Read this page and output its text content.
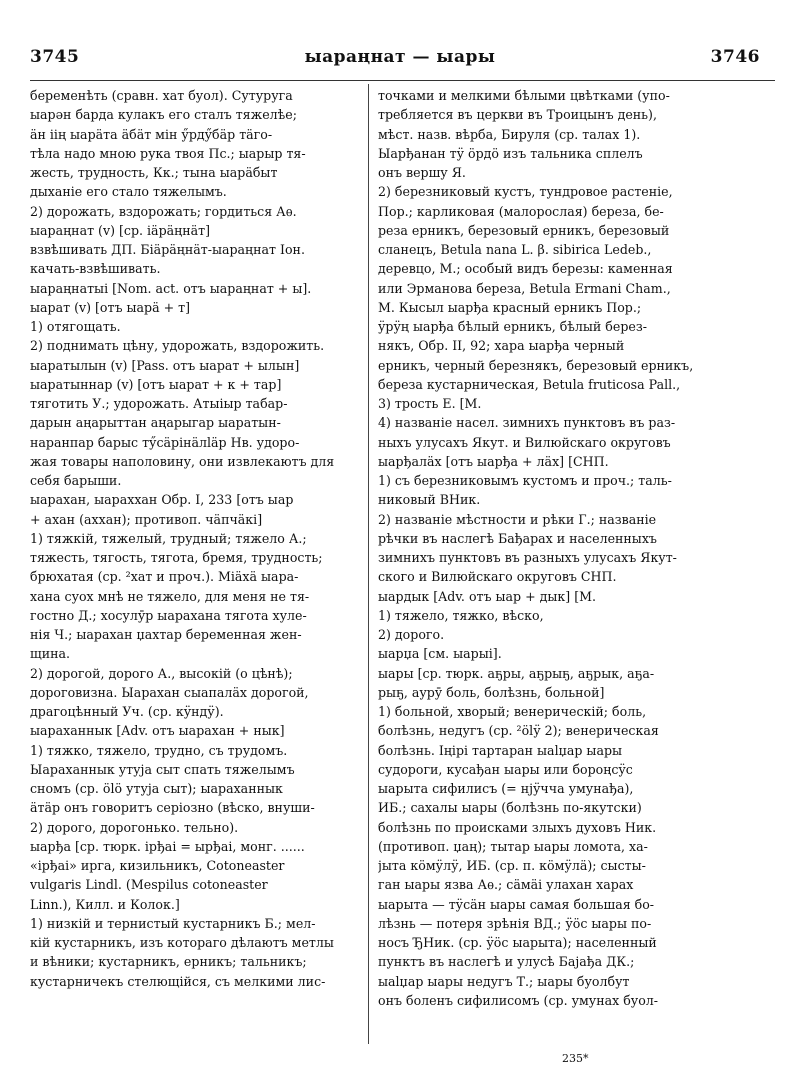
3745	ыараңнат — ыары	3746
беременѣть (сравн. хат буол). Сутуруга
ыарән барда кулакъ его сталъ тяжелѣе;
äн іiң ыарäта äбäт мiн ӳрдӳбäр тäго-
тѣла надо мною рука твоя Пс.; ыарыр тя-
жесть, трудность, Кк.; тына ыарäбыт
дыханіе его стало тяжелымъ.
2) дорожать, вздорожать; гордиться Аѳ.
ыараңнат (v) [ср. іäрäңнäт]
взвѣшивать ДП. Бiäрäңнäт-ыараңнат Іон.
качать-взвѣшивать.
ыараңнатыі [Nom. act. отъ ыараңнат + ы].
ыарат (v) [отъ ыарä + т]
1) отягощать.
2) поднимать цѣну, удорожать, вздорожить.
ыаратылын (v) [Pass. отъ ыарат + ылын]
ыаратыннар (v) [отъ ыарат + к + тар]
тяготить У.; удорожать. Атыiыр табар-
дарын аңарыттан аңарыгар ыаратын-
наранпар барыс тӳсäрiнäлläр Нв. удоро-
жая товары наполовину, они извлекаютъ для
себя барыши.
ыарахан, ыараххан Обр. I, 233 [отъ ыар
+ ахан (аххан); противоп. чäпчäкi]
1) тяжкій, тяжелый, трудный; тяжело А.;
тяжесть, тягость, тягота, бремя, трудность;
брюхатая (ср. ²хат и проч.). Мiäхä ыара-
хана суох мнѣ не тяжело, для меня не тя-
гостно Д.; хосулӯр ыарахана тягота хуле-
нія Ч.; ыарахан џахтар беременная жен-
щина.
2) дорогой, дорого А., высокій (о цѣнѣ);
дороговизна. Ыарахан сыапалäх дорогой,
драгоцѣнный Уч. (ср. кӱндӱ).
ыараханнык [Adv. отъ ыарахан + нык]
1) тяжко, тяжело, трудно, съ трудомъ.
Ыараханнык утуја сыт спать тяжелымъ
сномъ (ср. ölö утуја сыт); ыараханнык
äтäр онъ говоритъ серіозно (вѣско, внуши-
2) дорого, дорогонько. тельно).
ыарђа [ср. тюрк. iрђаi = ырђаi, монг. ......
«iрђаi» ирга, кизильникъ, Cotoneaster
vulgaris Lindl. (Mespilus cotoneaster
Linn.), Килл. и Колок.]
1) низкій и тернистый кустарникъ Б.; мел-
кій кустарникъ, изъ котораго дѣлаютъ метлы
и вѣники; кустарникъ, ерникъ; тальникъ;
кустарничекъ стелющійся, съ мелкими лис-
точками и мелкими бѣлыми цвѣтками (упо-
требляется въ церкви въ Троицынъ день),
мѣст. назв. вѣрба, Бируля (ср. талах 1).
Ыарђанан тӱ öрдö изъ тальника сплелъ
онъ вершу Я.
2) березниковый кустъ, тундровое растеніе,
Пор.; карликовая (малорослая) береза, бе-
реза ерникъ, березовый ерникъ, березовый
сланецъ, Betula nana L. β. sibirica Ledeb.,
деревцо, М.; особый видъ березы: каменная
или Эрманова береза, Betula Ermani Cham.,
М. Кысыл ыарђа красный ерникъ Пор.;
ӱрӱң ыарђа бѣлый ерникъ, бѣлый берез-
някъ, Обр. II, 92; хара ыарђа черный
ерникъ, черный березнякъ, березовый ерникъ,
береза кустарническая, Betula fruticosa Pall.,
3) трость Е. [М.
4) названіе насел. зимнихъ пунктовъ въ раз-
ныхъ улусахъ Якут. и Вилюйскаго округовъ
ыарђалäх [отъ ыарђа + лäх] [СНП.
1) съ березниковымъ кустомъ и проч.; таль-
никовый ВНик.
2) названіе мѣстности и рѣки Г.; названіе
рѣчки въ наслегѣ Бађарах и населенныхъ
зимнихъ пунктовъ въ разныхъ улусахъ Якут-
ского и Вилюйскаго округовъ СНП.
ыардык [Adv. отъ ыар + дык] [М.
1) тяжело, тяжко, вѣско,
2) дорого.
ыарџа [см. ыарыі].
ыары [ср. тюрк. аҕры, аҕрыҕ, аҕрык, аҕа-
рыҕ, аурӯ боль, болѣзнь, больной]
1) больной, хворый; венерическій; боль,
болѣзнь, недугъ (ср. ²ölӱ 2); венерическая
болѣзнь. Iңiрi тартаран ыаlџар ыары
судороги, кусађан ыары или бороңсӱс
ыарыта сифилисъ (= нјӱчча умунађа),
ИБ.; сахалы ыары (болѣзнь по-якутски)
болѣзнь по происками злыхъ духовъ Ник.
(противоп. џаң); тытар ыары ломота, ха-
јыта кöмӱлӱ, ИБ. (ср. п. кöмӱлä); сысты-
ган ыары язва Аѳ.; сäмäi улахан харах
ыарыта — тӱсäн ыары самая большая бо-
лѣзнь — потеря зрѣнія ВД.; ӱöс ыары по-
носъ ЂНик. (ср. ӱöс ыарыта); населенный
пунктъ въ наслегѣ и улусѣ Бајађа ДК.;
ыаlџар ыары недугъ Т.; ыары буолбут
онъ боленъ сифилисомъ (ср. умунах буол-
235*
